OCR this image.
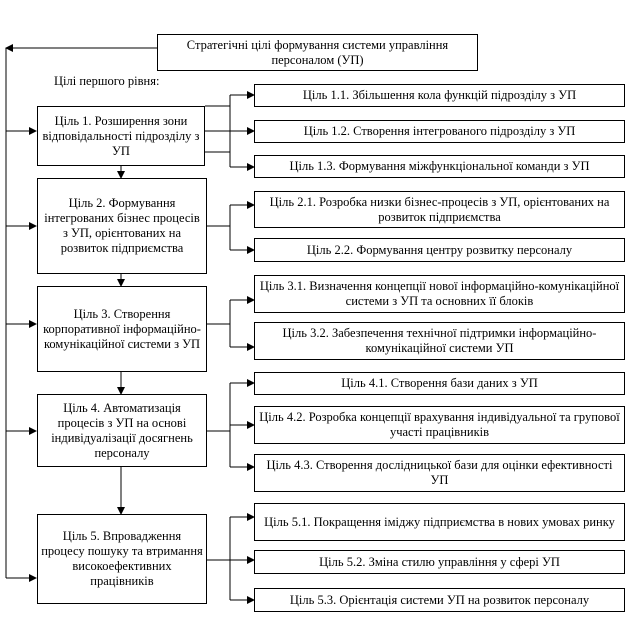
Стратегічні цілі формування системи управління персоналом (УП)
Цілі першого рівня:
Ціль 1. Розширення зони відповідальності підрозділу з УП
Ціль 2. Формування інтегрованих бізнес процесів з УП, орієнтованих на розвиток підприємства
Ціль 3. Створення корпоративної інформаційно-комунікаційної системи з УП
Ціль 4. Автоматизація процесів з УП на основі індивідуалізації досягнень персоналу
Ціль 5. Впровадження процесу пошуку та втримання високоефективних працівників
Ціль 1.1. Збільшення кола функцій підрозділу з УП
Ціль 1.2. Створення інтегрованого підрозділу з УП
Ціль 1.3. Формування міжфункціональної команди з УП
Ціль 2.1. Розробка низки бізнес-процесів з УП, орієнтованих на розвиток підприємства
Ціль 2.2. Формування центру розвитку персоналу
Ціль 3.1. Визначення концепції нової інформаційно-комунікаційної системи з УП та основних її блоків
Ціль 3.2. Забезпечення технічної підтримки інформаційно-комунікаційної системи УП
Ціль 4.1. Створення бази даних з УП
Ціль 4.2. Розробка концепції врахування індивідуальної та групової участі працівників
Ціль 4.3. Створення дослідницької бази для оцінки ефективності УП
Ціль 5.1. Покращення іміджу підприємства в нових умовах ринку
Ціль 5.2. Зміна стилю управління у сфері УП
Ціль 5.3. Орієнтація системи УП на розвиток персоналу
